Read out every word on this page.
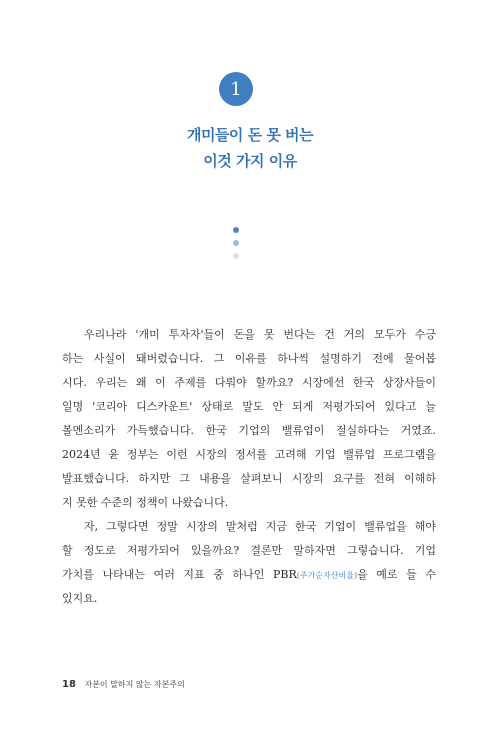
1
개미들이 돈 못 버는
이것 가지 이유
우리나라 '개미 투자자'들이 돈을 못 번다는 건 거의 모두가 수긍
하는 사실이 돼버렸습니다. 그 이유를 하나씩 설명하기 전에 물어봅
시다. 우리는 왜 이 주제를 다뤄야 할까요? 시장에선 한국 상장사들이
일명 '코리아 디스카운트' 상태로 말도 안 되게 저평가되어 있다고 늘
볼멘소리가 가득했습니다. 한국 기업의 밸류업이 절실하다는 거였죠.
2024년 윤 정부는 이런 시장의 정서를 고려해 기업 밸류업 프로그램을
발표했습니다. 하지만 그 내용을 살펴보니 시장의 요구를 전혀 이해하
지 못한 수준의 정책이 나왔습니다.
자, 그렇다면 정말 시장의 말처럼 지금 한국 기업이 밸류업을 해야
할 정도로 저평가되어 있을까요? 결론만 말하자면 그렇습니다. 기업
가치를 나타내는 여러 지표 중 하나인 PBR(주가순자산비율)을 예로 들 수
있지요.
18 자본이 말하지 않는 자본주의
